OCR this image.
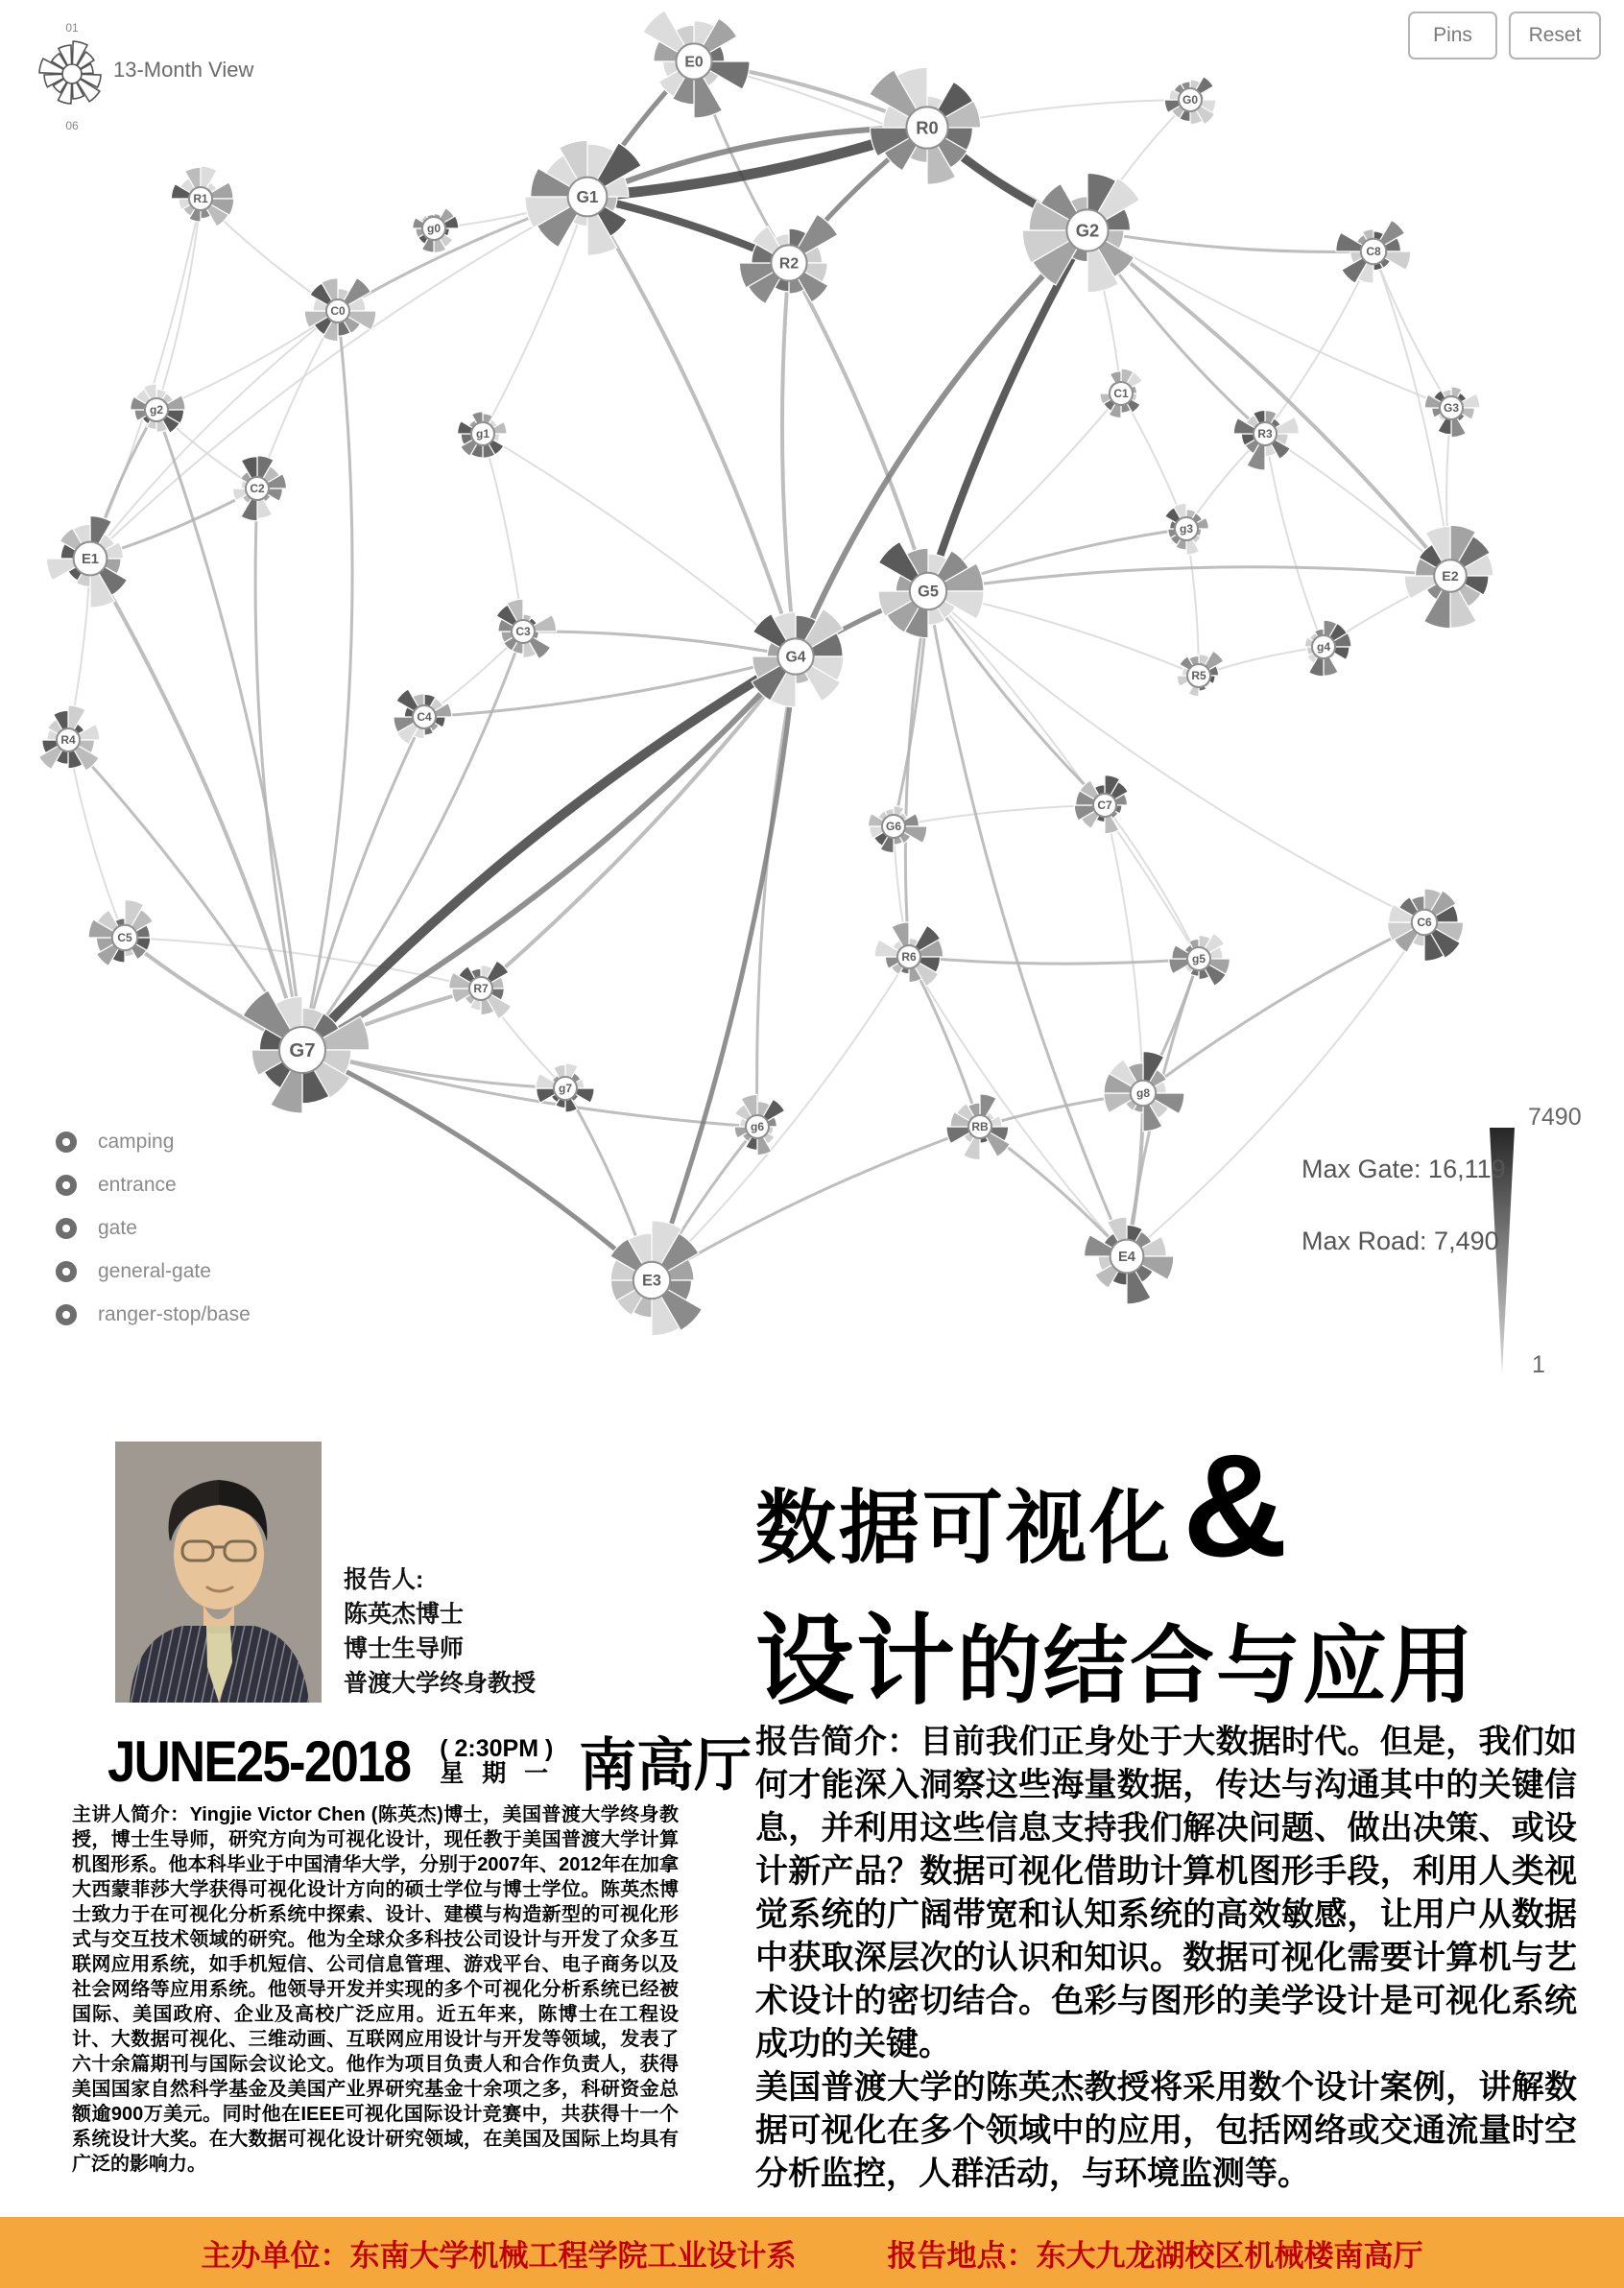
E0
R0
G0
R1	G1
g0	G2
R2
C8
C0
C1
g2
g1	R3
G3
C2
g3
E1
E2
G5
C3
G4
R5
g4
C4
R4
C7
G6
C5
R6	g5
C6
R7
G7
g7	g8
g6	RB
E4
E3
01
06
13-Month View
Pins	Reset
camping
entrance
gate
general-gate
ranger-stop/base
Max Gate: 16,119
Max Road: 7,490
7490
1
报告人:
陈英杰博士
博士生导师
普渡大学终身教授
JUNE25-2018 ( 2:30PM )
星 期 一 南高厅
主讲人简介：Yingjie Victor Chen (陈英杰)博士，美国普渡大学终身教授，博士生导师，研究方向为可视化设计，现任教于美国普渡大学计算机图形系。他本科毕业于中国清华大学，分别于2007年、2012年在加拿大西蒙菲莎大学获得可视化设计方向的硕士学位与博士学位。陈英杰博士致力于在可视化分析系统中探索、设计、建模与构造新型的可视化形式与交互技术领域的研究。他为全球众多科技公司设计与开发了众多互联网应用系统，如手机短信、公司信息管理、游戏平台、电子商务以及社会网络等应用系统。他领导开发并实现的多个可视化分析系统已经被国际、美国政府、企业及高校广泛应用。近五年来，陈博士在工程设计、大数据可视化、三维动画、互联网应用设计与开发等领域，发表了六十余篇期刊与国际会议论文。他作为项目负责人和合作负责人，获得美国国家自然科学基金及美国产业界研究基金十余项之多，科研资金总额逾900万美元。同时他在IEEE可视化国际设计竞赛中，共获得十一个系统设计大奖。在大数据可视化设计研究领域，在美国及国际上均具有广泛的影响力。
数据可视化 &
设计的结合与应用

报告简介：目前我们正身处于大数据时代。但是，我们如何才能深入洞察这些海量数据，传达与沟通其中的关键信息，并利用这些信息支持我们解决问题、做出决策、或设计新产品？数据可视化借助计算机图形手段，利用人类视觉系统的广阔带宽和认知系统的高效敏感，让用户从数据中获取深层次的认识和知识。数据可视化需要计算机与艺术设计的密切结合。色彩与图形的美学设计是可视化系统成功的关键。

美国普渡大学的陈英杰教授将采用数个设计案例，讲解数据可视化在多个领域中的应用，包括网络或交通流量时空分析监控，人群活动，与环境监测等。

主办单位：东南大学机械工程学院工业设计系	报告地点：东大九龙湖校区机械楼南高厅
